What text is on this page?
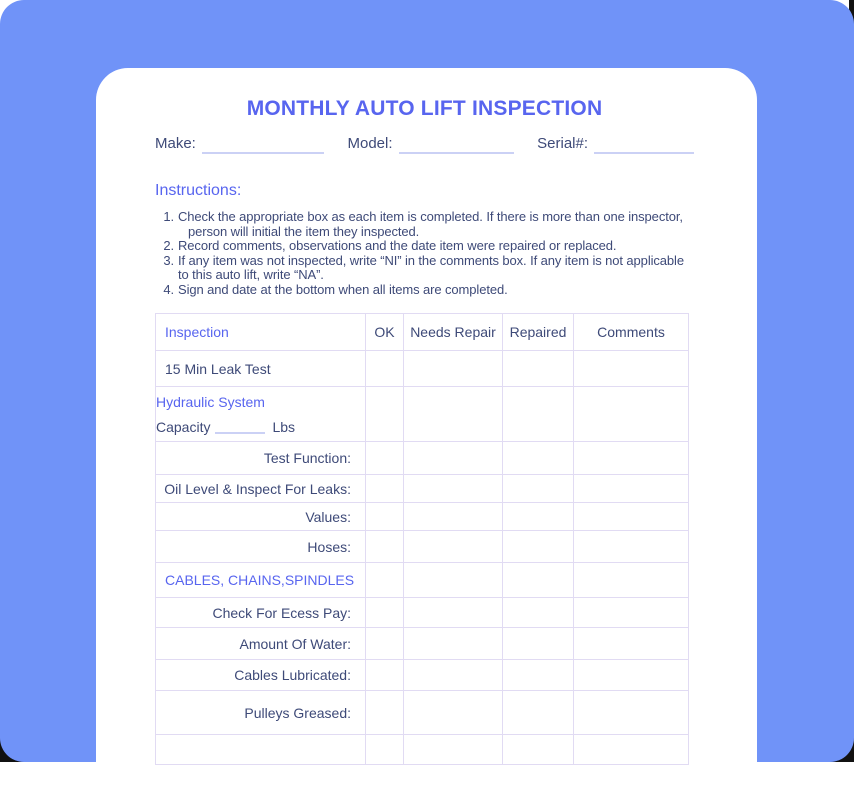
MONTHLY AUTO LIFT INSPECTION
Make:	Model:	Serial#:
Instructions:
1. Check the appropriate box as each item is completed. If there is more than one inspector,
person will initial the item they inspected.
2. Record comments, observations and the date item were repaired or replaced.
3. If any item was not inspected, write “NI” in the comments box. If any item is not applicable
to this auto lift, write “NA”.
4. Sign and date at the bottom when all items are completed.
Inspection	OK	Needs Repair	Repaired	Comments
15 Min Leak Test				

Hydraulic System
Capacity Lbs				

Test Function:				
Oil Level & Inspect For Leaks:				
Values:				
Hoses:				
CABLES, CHAINS,SPINDLES				
Check For Ecess Pay:				
Amount Of Water:				
Cables Lubricated:				
Pulleys Greased:				
